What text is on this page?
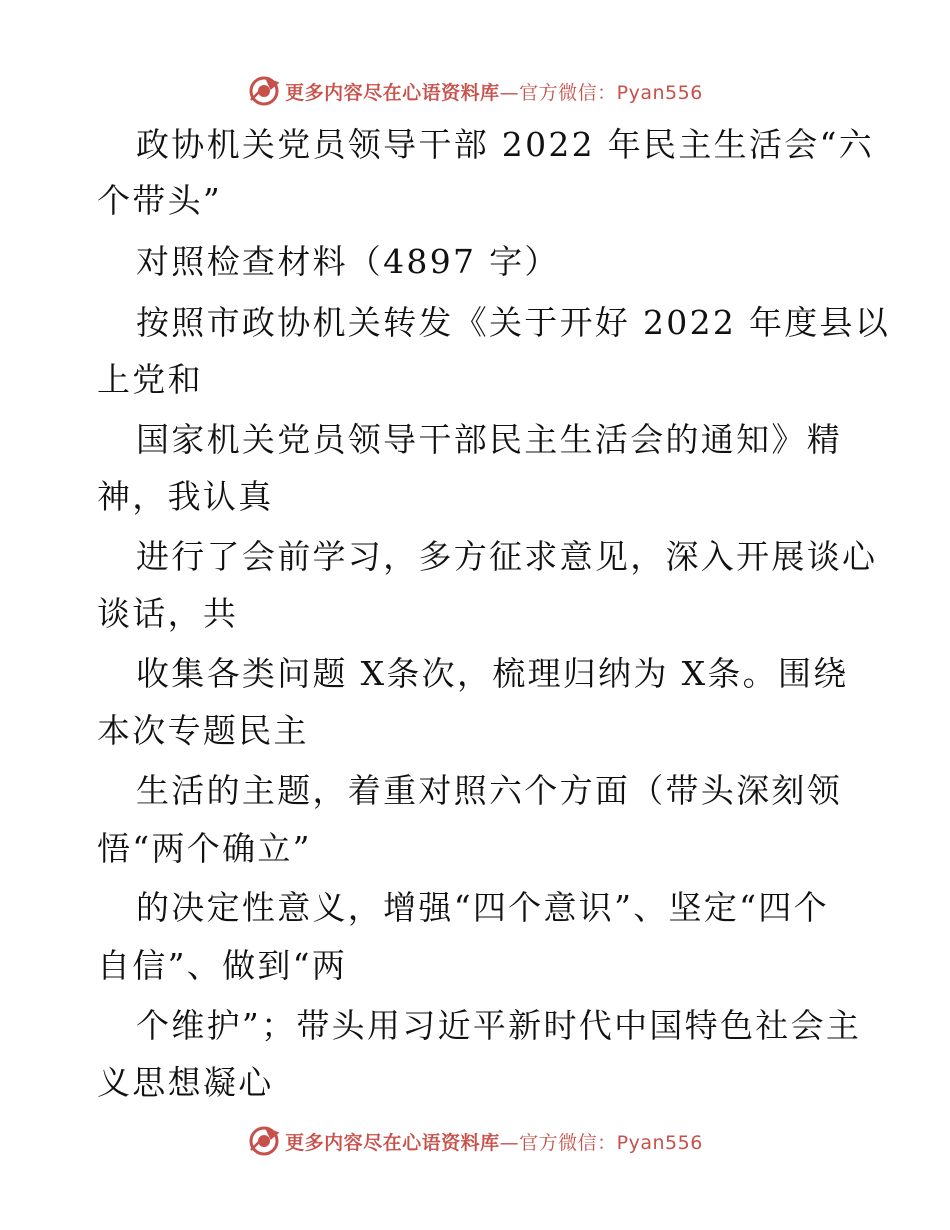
更多内容尽在心语资料库—官方微信：Pyan556
政协机关党员领导干部 2022 年民主生活会“六
个带头”
对照检查材料（4897 字）
按照市政协机关转发《关于开好 2022 年度县以
上党和
国家机关党员领导干部民主生活会的通知》精
神，我认真
进行了会前学习，多方征求意见，深入开展谈心
谈话，共
收集各类问题 X条次，梳理归纳为 X条。围绕
本次专题民主
生活的主题，着重对照六个方面（带头深刻领
悟“两个确立”
的决定性意义，增强“四个意识”、坚定“四个
自信”、做到“两
个维护”；带头用习近平新时代中国特色社会主
义思想凝心
更多内容尽在心语资料库—官方微信：Pyan556
